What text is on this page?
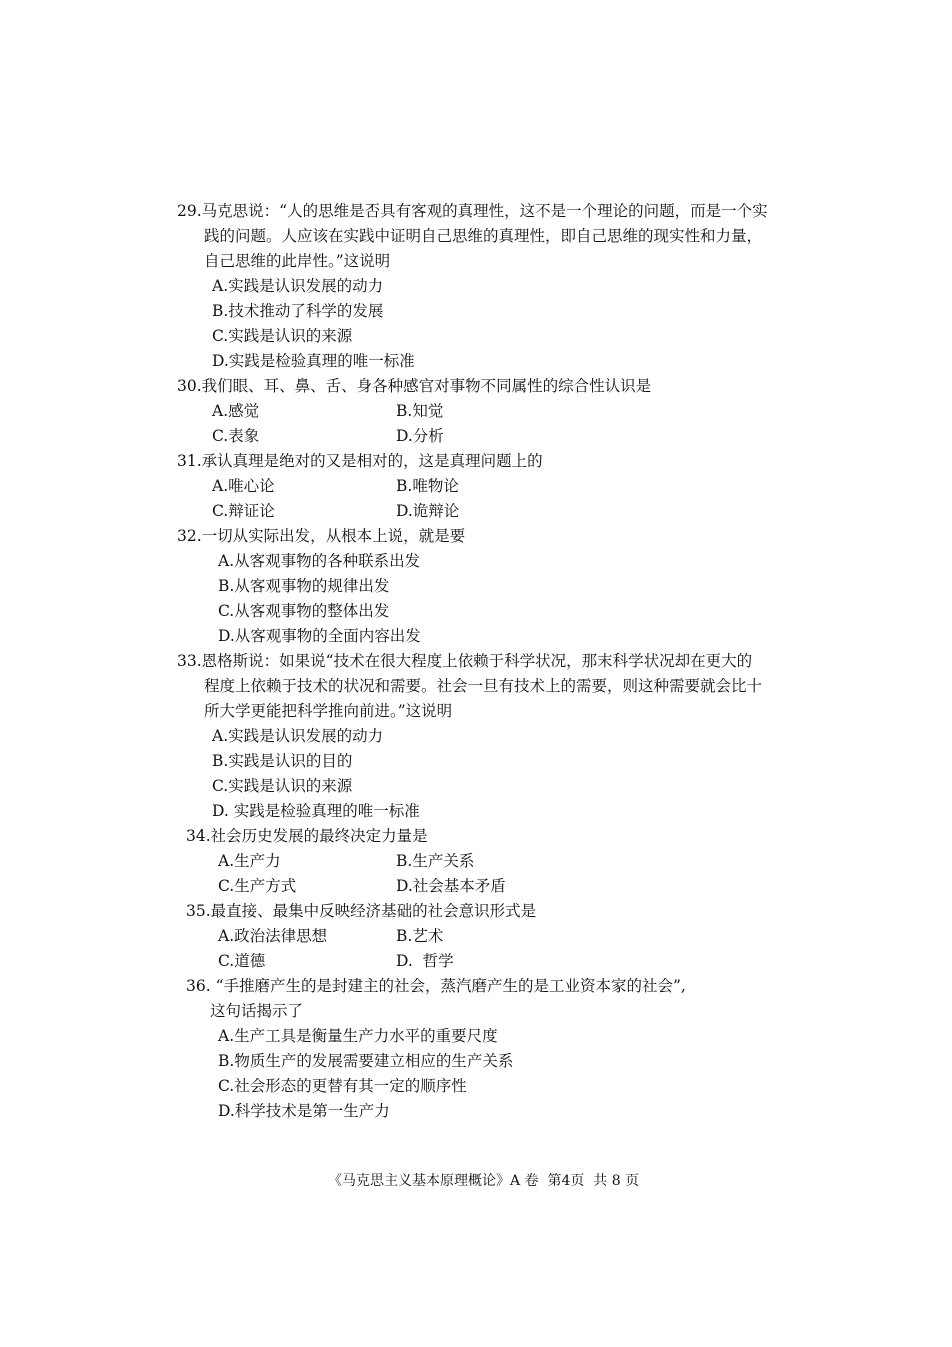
29.马克思说：“人的思维是否具有客观的真理性，这不是一个理论的问题，而是一个实
践的问题。人应该在实践中证明自己思维的真理性，即自己思维的现实性和力量，
自己思维的此岸性。”这说明
A.实践是认识发展的动力
B.技术推动了科学的发展
C.实践是认识的来源
D.实践是检验真理的唯一标准
30.我们眼、耳、鼻、舌、身各种感官对事物不同属性的综合性认识是
A.感觉	B.知觉
C.表象	D.分析
31.承认真理是绝对的又是相对的，这是真理问题上的
A.唯心论	B.唯物论
C.辩证论	D.诡辩论
32.一切从实际出发，从根本上说，就是要
A.从客观事物的各种联系出发
B.从客观事物的规律出发
C.从客观事物的整体出发
D.从客观事物的全面内容出发
33.恩格斯说：如果说“技术在很大程度上依赖于科学状况，那末科学状况却在更大的
程度上依赖于技术的状况和需要。社会一旦有技术上的需要，则这种需要就会比十
所大学更能把科学推向前进。”这说明
A.实践是认识发展的动力
B.实践是认识的目的
C.实践是认识的来源
D. 实践是检验真理的唯一标准
34.社会历史发展的最终决定力量是
A.生产力	B.生产关系
C.生产方式	D.社会基本矛盾
35.最直接、最集中反映经济基础的社会意识形式是
A.政治法律思想	B.艺术
C.道德	D.  哲学
36. “手推磨产生的是封建主的社会，蒸汽磨产生的是工业资本家的社会”,
这句话揭示了
A.生产工具是衡量生产力水平的重要尺度
B.物质生产的发展需要建立相应的生产关系
C.社会形态的更替有其一定的顺序性
D.科学技术是第一生产力
《马克思主义基本原理概论》A 卷  第4页  共 8 页
